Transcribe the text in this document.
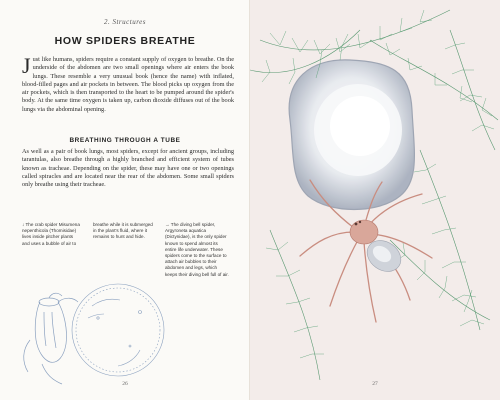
2. Structures
HOW SPIDERS BREATHE

Just like humans, spiders require a constant supply of oxygen to breathe. On the underside of the abdomen are two small openings where air enters the book lungs. These resemble a very unusual book (hence the name) with inflated, blood-filled pages and air pockets in between. The blood picks up oxygen from the air pockets, which is then transported to the heart to be pumped around the spider's body. At the same time oxygen is taken up, carbon dioxide diffuses out of the book lungs via the abdominal opening.

BREATHING THROUGH A TUBE

As well as a pair of book lungs, most spiders, except for ancient groups, including tarantulas, also breathe through a highly branched and efficient system of tubes known as tracheae. Depending on the spider, these may have one or two openings called spiracles and are located near the rear of the abdomen. Some small spiders only breathe using their tracheae.

↓ The crab spider Misumena nepenthicola (Thomisidae) lives inside pitcher plants and uses a bubble of air to

breathe while it is submerged in the plant's fluid, where it remains to hunt and hide.

→ The diving bell spider, Argyroneta aquatica (Dictynidae), is the only spider known to spend almost its entire life underwater. These spiders come to the surface to attach air bubbles to their abdomen and legs, which keeps their diving bell full of air.

26	27
